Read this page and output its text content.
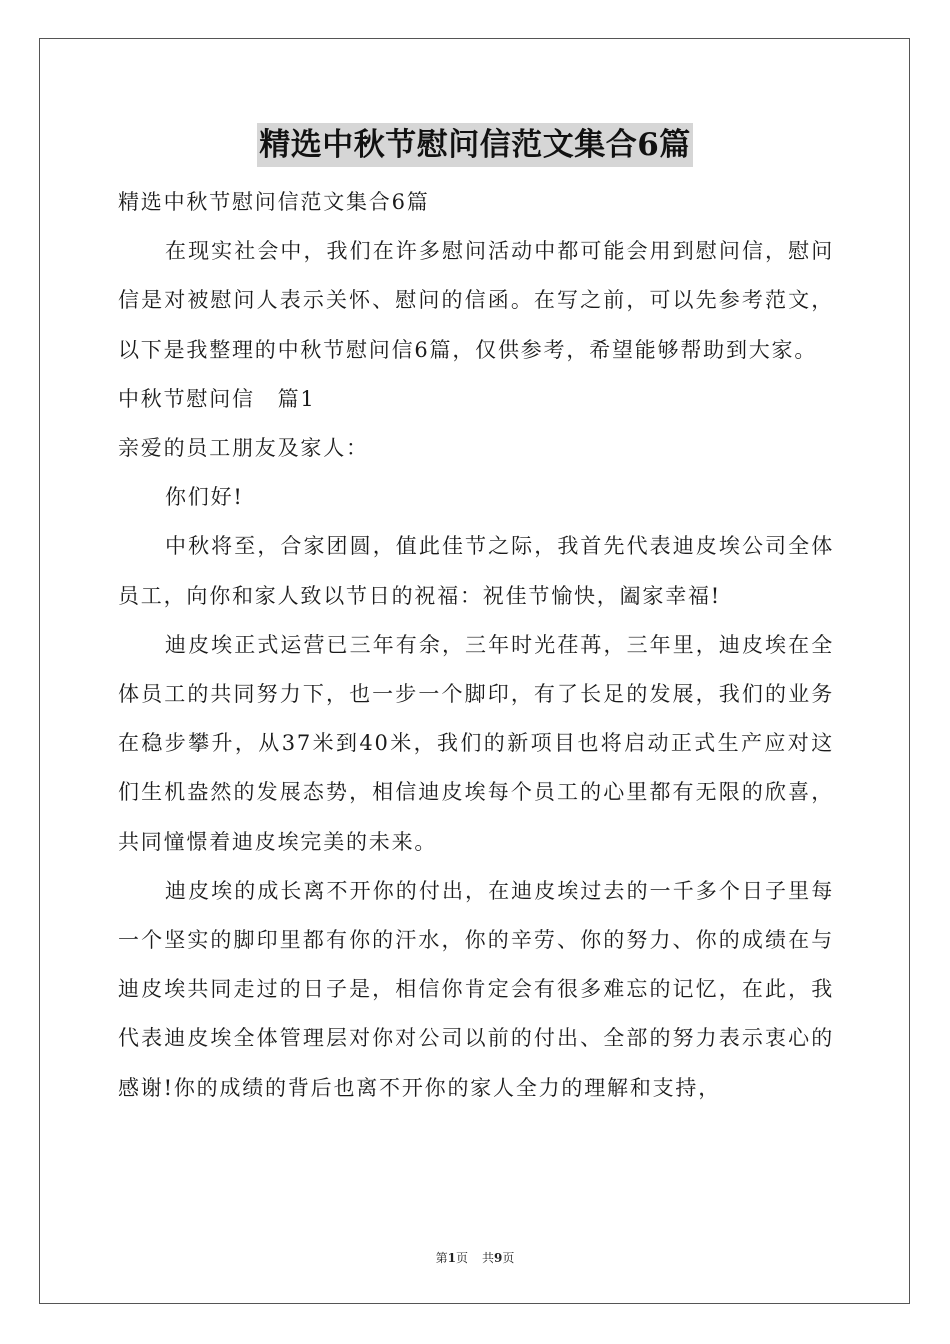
精选中秋节慰问信范文集合6篇

精选中秋节慰问信范文集合6篇

在现实社会中，我们在许多慰问活动中都可能会用到慰问信，慰问信是对被慰问人表示关怀、慰问的信函。在写之前，可以先参考范文，以下是我整理的中秋节慰问信6篇，仅供参考，希望能够帮助到大家。

中秋节慰问信　篇1

亲爱的员工朋友及家人：

你们好!

中秋将至，合家团圆，值此佳节之际，我首先代表迪皮埃公司全体员工，向你和家人致以节日的祝福：祝佳节愉快，阖家幸福!

迪皮埃正式运营已三年有余，三年时光荏苒，三年里，迪皮埃在全体员工的共同努力下，也一步一个脚印，有了长足的发展，我们的业务在稳步攀升，从37米到40米，我们的新项目也将启动正式生产应对这们生机盎然的发展态势，相信迪皮埃每个员工的心里都有无限的欣喜，共同憧憬着迪皮埃完美的未来。

迪皮埃的成长离不开你的付出，在迪皮埃过去的一千多个日子里每一个坚实的脚印里都有你的汗水，你的辛劳、你的努力、你的成绩在与迪皮埃共同走过的日子是，相信你肯定会有很多难忘的记忆，在此，我代表迪皮埃全体管理层对你对公司以前的付出、全部的努力表示衷心的感谢!你的成绩的背后也离不开你的家人全力的理解和支持，

第1页 共9页
